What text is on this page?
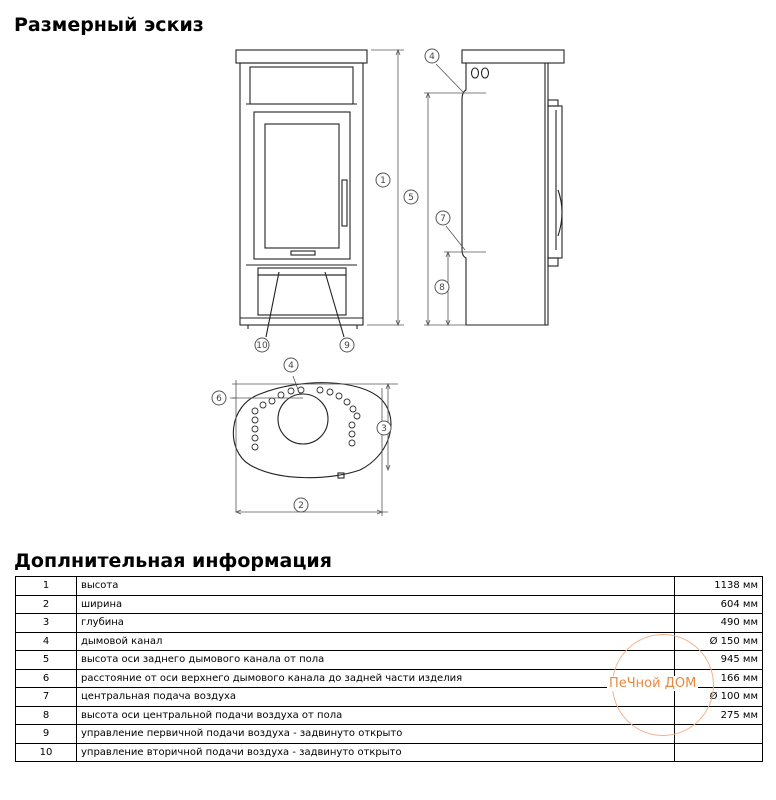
Размерный эскиз
1
10	9
4
5
7
8
4
6
3
2
Доплнительная информация
1	высота	1138 мм
2	ширина	604 мм
3	глубина	490 мм
4	дымовой канал	Ø 150 мм
5	высота оси заднего дымового канала от пола	945 мм
6	расстояние от оси верхнего дымового канала до задней части изделия	166 мм
7	центральная подача воздуха	Ø 100 мм
8	высота оси центральной подачи воздуха от пола	275 мм
9	управление первичной подачи воздуха - задвинуто открыто	
10	управление вторичной подачи воздуха - задвинуто открыто	
ПеЧной ДОМ
